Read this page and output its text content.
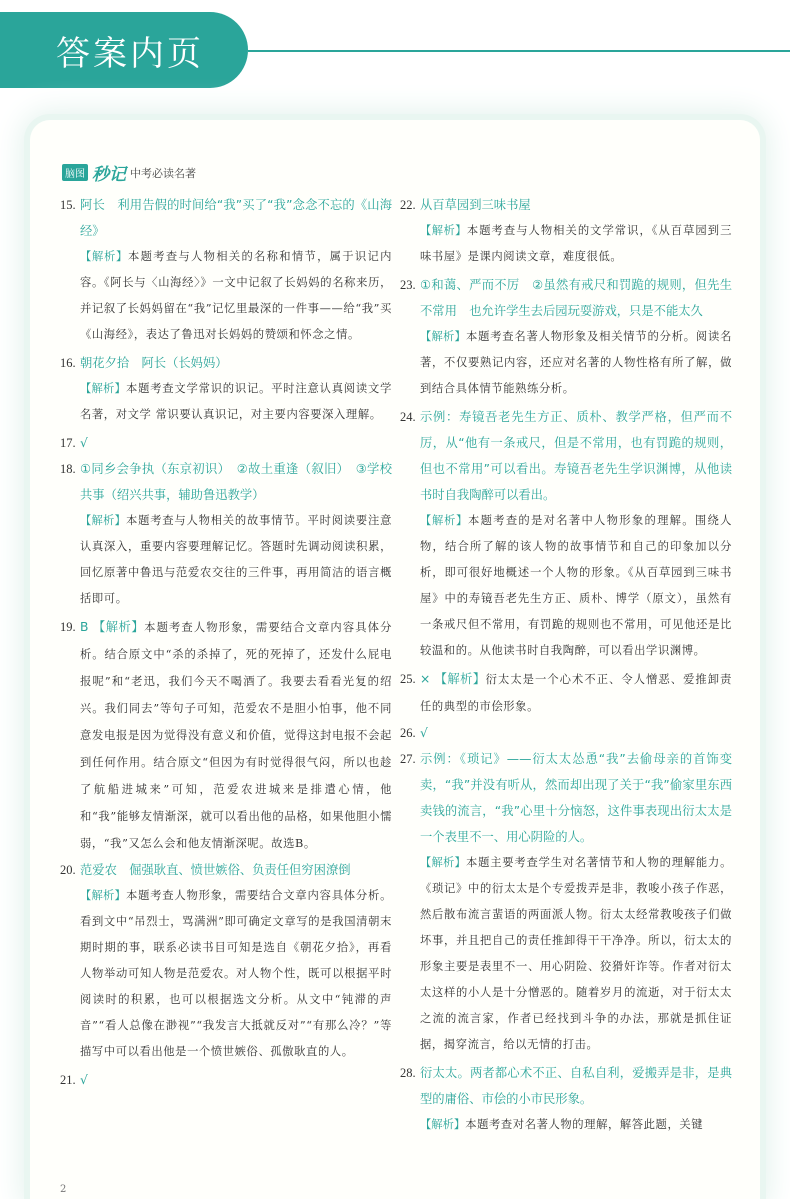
答案内页
脑图 秒记 中考必读名著
15. 阿长　利用告假的时间给“我”买了“我”念念不忘的《山海经》
【解析】本题考查与人物相关的名称和情节，属于识记内容。《阿长与〈山海经〉》一文中记叙了长妈妈的名称来历，并记叙了长妈妈留在“我”记忆里最深的一件事——给“我”买《山海经》，表达了鲁迅对长妈妈的赞颂和怀念之情。
16. 朝花夕拾　阿长（长妈妈）
【解析】本题考查文学常识的识记。平时注意认真阅读文学名著，对文学 常识要认真识记，对主要内容要深入理解。
17. √
18. ①同乡会争执（东京初识）　②故土重逢（叙旧）　③学校共事（绍兴共事，辅助鲁迅教学）
【解析】本题考查与人物相关的故事情节。平时阅读要注意认真深入，重要内容要理解记忆。答题时先调动阅读积累，回忆原著中鲁迅与范爱农交往的三件事，再用简洁的语言概括即可。
19. B 【解析】本题考查人物形象，需要结合文章内容具体分析。结合原文中“杀的杀掉了，死的死掉了，还发什么屁电报呢”和“老迅，我们今天不喝酒了。我要去看看光复的绍兴。我们同去”等句子可知，范爱农不是胆小怕事，他不同意发电报是因为觉得没有意义和价值，觉得这封电报不会起到任何作用。结合原文“但因为有时觉得很气闷，所以也趁了航船进城来”可知，范爱农进城来是排遣心情，他和“我”能够友情渐深，就可以看出他的品格，如果他胆小懦弱，“我”又怎么会和他友情渐深呢。故选B。
20. 范爱农　倔强耿直、愤世嫉俗、负责任但穷困潦倒
【解析】本题考查人物形象，需要结合文章内容具体分析。看到文中“吊烈士，骂满洲”即可确定文章写的是我国清朝末期时期的事，联系必读书目可知是选自《朝花夕拾》，再看人物举动可知人物是范爱农。对人物个性，既可以根据平时阅读时的积累，也可以根据选文分析。从文中“钝滞的声音”“看人总像在渺视”“我发言大抵就反对”“有那么冷？”等描写中可以看出他是一个愤世嫉俗、孤傲耿直的人。
21. √
22. 从百草园到三味书屋
【解析】本题考查与人物相关的文学常识，《从百草园到三味书屋》是课内阅读文章，难度很低。
23. ①和蔼、严而不厉　②虽然有戒尺和罚跪的规则，但先生不常用　也允许学生去后园玩耍游戏，只是不能太久
【解析】本题考查名著人物形象及相关情节的分析。阅读名著，不仅要熟记内容，还应对名著的人物性格有所了解，做到结合具体情节能熟练分析。
24. 示例：寿镜吾老先生方正、质朴、教学严格，但严而不厉，从“他有一条戒尺，但是不常用，也有罚跪的规则，但也不常用”可以看出。寿镜吾老先生学识渊博，从他读书时自我陶醉可以看出。
【解析】本题考查的是对名著中人物形象的理解。围绕人物，结合所了解的该人物的故事情节和自己的印象加以分析，即可很好地概述一个人物的形象。《从百草园到三味书屋》中的寿镜吾老先生方正、质朴、博学（原文），虽然有一条戒尺但不常用，有罚跪的规则也不常用，可见他还是比较温和的。从他读书时自我陶醉，可以看出学识渊博。
25. × 【解析】衍太太是一个心术不正、令人憎恶、爱推卸责任的典型的市侩形象。
26. √
27. 示例：《琐记》——衍太太怂恿“我”去偷母亲的首饰变卖，“我”并没有听从，然而却出现了关于“我”偷家里东西卖钱的流言，“我”心里十分恼怒，这件事表现出衍太太是一个表里不一、用心阴险的人。
【解析】本题主要考查学生对名著情节和人物的理解能力。《琐记》中的衍太太是个专爱拨弄是非，教唆小孩子作恶，然后散布流言蜚语的两面派人物。衍太太经常教唆孩子们做坏事，并且把自己的责任推卸得干干净净。所以，衍太太的形象主要是表里不一、用心阴险、狡猾奸诈等。作者对衍太太这样的小人是十分憎恶的。随着岁月的流逝，对于衍太太之流的流言家，作者已经找到斗争的办法，那就是抓住证据，揭穿流言，给以无情的打击。
28. 衍太太。两者都心术不正、自私自利，爱搬弄是非，是典型的庸俗、市侩的小市民形象。
【解析】本题考查对名著人物的理解，解答此题，关键
2
